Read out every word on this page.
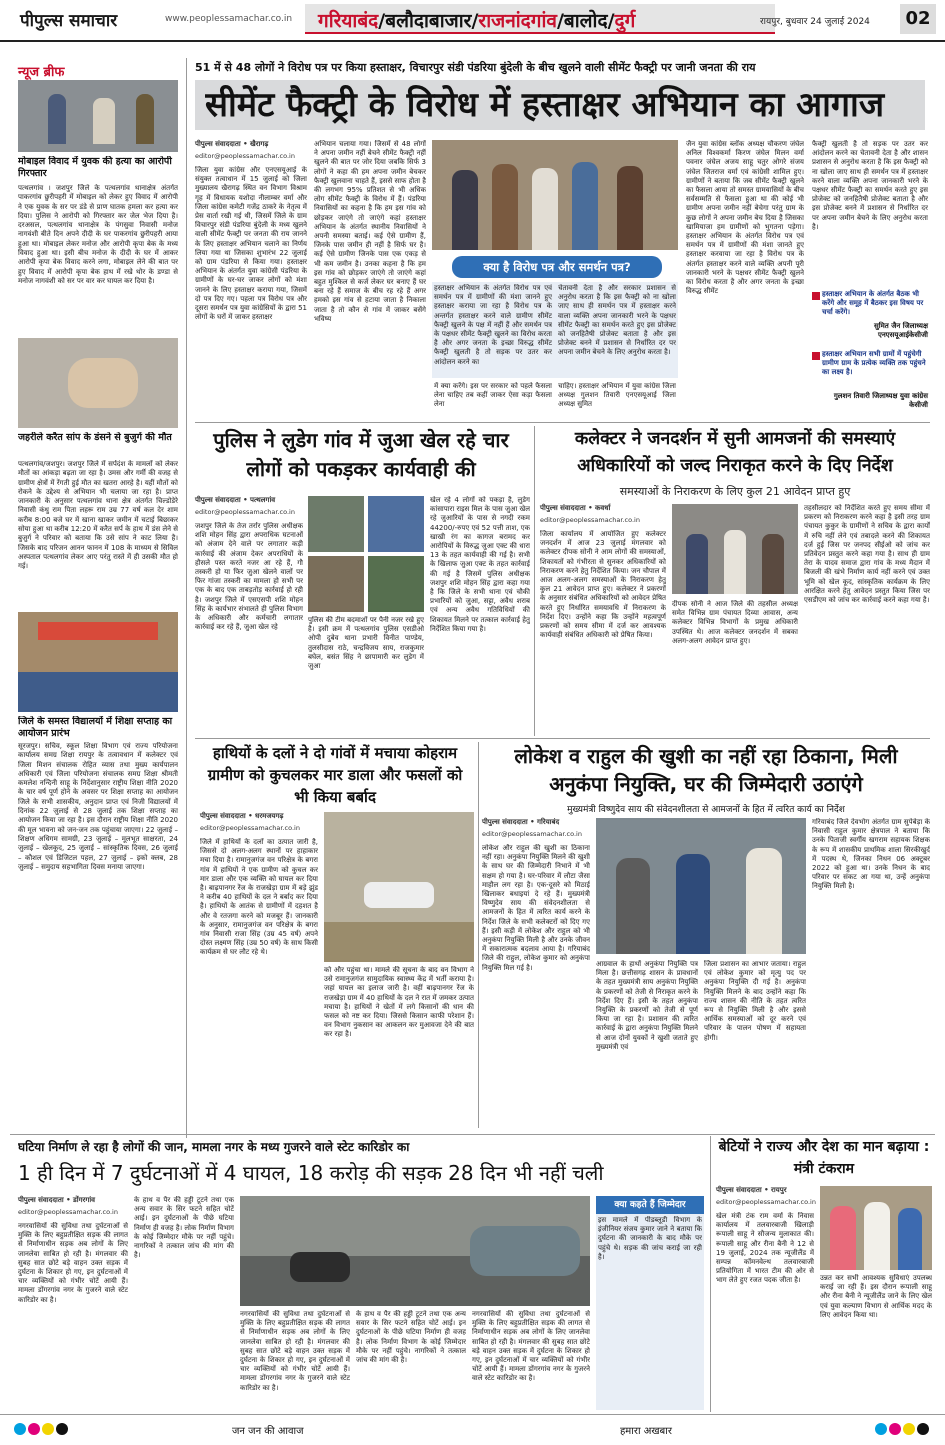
पीपुल्स समाचार	www.peoplessamachar.co.in गरियाबंद/बलौदाबाजार/राजनांदगांव/बालोद/दुर्ग	रायपुर, बुधवार 24 जुलाई 2024	02
न्यूज ब्रीफ
मोबाइल विवाद में युवक की हत्या का आरोपी गिरफ्तार
पत्थलगांव । जशपुर जिले के पत्थलगांव थानाक्षेत्र अंतर्गत पाकरगांव छुरीपहरी में मोबाइल को लेकर हुए विवाद में आरोपी ने एक युवक के सर पर डंडे से प्राण घातक हमला कर हत्या कर दिया। पुलिस ने आरोपी को गिरफ्तार कर जेल भेज दिया है। दरअसल, पत्थलगांव थानाक्षेत्र के पंगसुवा निवासी मनोज नागवंशी बीते दिन अपने दीदी के घर पाकरगांव छुरीपहरी आया हुआ था। मोबाइल लेकर मनोज और आरोपी कृपा बेक के मध्य विवाद हुआ था। इसी बीच मनोज के दीदी के घर में आकर आरोपी कृपा बेक विवाद करने लगा, मोबाइल लेने की बात पर हुए विवाद में आरोपी कृपा बेक हाथ में रखे थोर के डण्डा से मनोज नागवंशी को सर पर वार कर घायल कर दिया है।
जहरीले करैत सांप के डंसने से बुजुर्ग की मौत
पत्थलगांव/जशपुर। जशपुर जिले में सर्पदंश के मामलों को लेकर मौतों का आंकड़ा बढ़ता जा रहा है। उमस और गर्मी की वजह से ग्रामीण क्षेत्रों में रेंगती हुई मौत का खतरा आरहे है। यहीं मौतों को रोकने के उद्देश्य से अभियान भी चलाया जा रहा है। प्राप्त जानकारी के अनुसार पत्थलगांव थाना क्षेत्र अंतर्गत चिल्डोडेरे निवासी कंधु राम पिता लहरू राम उम्र 77 वर्ष कल देर शाम करीब 8:00 बजे घर में खाना खाकर जमीन में चटाई बिछाकर सोया हुआ था करीब 12:20 में करैत सर्प के हाथ में डंस लेने से बुजुर्ग ने परिवार को बताया कि उसे सांप ने काट लिया है। जिसके बाद परिजन आनन फानन में 108 के माध्यम से सिविल अस्पताल पत्थलगांव लेकर आए परंतु रास्ते में ही उसकी मौत हो गई।
जिले के समस्त विद्यालयों में शिक्षा सप्ताह का आयोजन प्रारंभ
सूरजपुर। सचिव, स्कूल शिक्षा विभाग एवं राज्य परियोजना कार्यालय समग्र शिक्षा रायपुर के तत्वावधान में कलेक्टर एवं जिला मिशन संचालक रोहित व्यास तथा मुख्य कार्यपालन अधिकारी एवं जिला परियोजना संचालक समग्र शिक्षा श्रीमती कमलेश नन्दिनी साहू के निर्देशानुसार राष्ट्रीय शिक्षा नीति 2020 के चार वर्ष पूर्ण होने के अवसर पर शिक्षा सप्ताह का आयोजन जिले के सभी शासकीय, अनुदान प्राप्त एवं निजी विद्यालयों में दिनांक 22 जुलाई से 28 जुलाई तक शिक्षा सप्ताह का आयोजन किया जा रहा है। इस दौरान राष्ट्रीय शिक्षा नीति 2020 की मूल भावना को जन-जन तक पहुंचाया जाएगा। 22 जुलाई – शिक्षण अधिगम सामग्री, 23 जुलाई – मूलभूत साक्षरता, 24 जुलाई – खेलकूद, 25 जुलाई – सांस्कृतिक दिवस, 26 जुलाई – कौशल एवं डिजिटल पहल, 27 जुलाई – इको क्लब, 28 जुलाई – समुदाय सहभागिता दिवस मनाया जाएगा।
51 में से 48 लोगों ने विरोध पत्र पर किया हस्ताक्षर, विचारपुर संडी पंडरिया बुंदेली के बीच खुलने वाली सीमेंट फैक्ट्री पर जानी जनता की राय
सीमेंट फैक्ट्री के विरोध में हस्ताक्षर अभियान का आगाज
पीपुल्स संवाददाता • खैरागढ़
editor@peoplessamachar.co.in
जिला युवा कांग्रेस और एनएसयूआई के संयुक्त तत्वाधान में 15 जुलाई को जिला मुख्यालय खैरागढ़ स्थित वन विभाग विश्राम गृह में विधायक यशोदा नीलाम्बर वर्मा और जिला कांग्रेस कमेटी गजेंद्र ठाकरे के नेतृत्व में प्रेस वार्ता रखी गई थी, जिसमें जिले के ग्राम विचारपुर संडी पंडरिया बुंदेली के मध्य खुलने वाली सीमेंट फैक्ट्री पर जनता की राय जानने के लिए हस्ताक्षर अभियान चलाने का निर्णय लिया गया था जिसका शुभारंभ 22 जुलाई को ग्राम पंडरिया से किया गया। हस्ताक्षर अभियान के अंतर्गत युवा कांग्रेसी पंडरिया के ग्रामीणों के घर-घर जाकर लोगों को मंशा जानने के लिए हस्ताक्षर कराया गया, जिसमें दो पत्र दिए गए। पहला पत्र विरोध पत्र और दूसरा समर्थन पत्र युवा कांग्रेसियों के द्वारा 51 लोगों के घरों में जाकर हस्ताक्षर
अभियान चलाया गया। जिसमें से 48 लोगों ने अपना जमीन नहीं बेचने सीमेंट फैक्ट्री नहीं खुलने की बात पर जोर दिया जबकि सिर्फ 3 लोगों ने कहा की हम अपना जमीन बेचकर फैक्ट्री खुलवाना चाहते हैं, इससे साफ होता है की लगभग 95% प्रतिशत से भी अधिक लोग सीमेंट फैक्ट्री के विरोध में हैं। पंडरिया निवासियों का कहना है कि हम इस गांव को छोड़कर जाएंगे तो जाएंगे कहां हस्ताक्षर अभियान के अंतर्गत स्थानीय निवासियों ने अपनी समस्या बताई। कई ऐसे ग्रामीण हैं, जिनके पास जमीन ही नहीं है सिर्फ घर है। कई ऐसे ग्रामीण जिनके पास एक एकड़ से भी कम जमीन है। उनका कहना है कि हम इस गांव को छोड़कर जाएंगे तो जाएंगे कहां बहुत मुश्किल से कर्ज लेकर घर बनाए हैं घर बना रहे हैं समाज के बीच रह रहे हैं अगर हमको इस गांव से हटाया जाता है निकाला जाता है तो कौन से गांव में जाकर बसेंगे भविष्य
क्या है विरोध पत्र और समर्थन पत्र?
हस्ताक्षर अभियान के अंतर्गत विरोध पत्र एवं समर्थन पत्र में ग्रामीणों की मंशा जानने हुए हस्ताक्षर कराया जा रहा है विरोध पत्र के अन्तर्गत हस्ताक्षर करने वाले ग्रामीण सीमेंट फैक्ट्री खुलने के पक्ष में नहीं हैं और समर्थन पत्र के पक्षधर सीमेंट फैक्ट्री खुलने का विरोध करता है और अगर जनता के इच्छा विरुद्ध सीमेंट फैक्ट्री खुलती है तो सड़क पर उतर कर आंदोलन करने का
चेतावनी देता है और सरकार प्रशासन से अनुरोध करता है कि इस फैक्ट्री को ना खोला जाए साथ ही समर्थन पत्र में हस्ताक्षर करने वाला व्यक्ति अपना जानकारी भरने के पक्षधर सीमेंट फैक्ट्री का समर्थन करते हुए इस प्रोजेक्ट को जनहितैषी प्रोजेक्ट बताता है और इस प्रोजेक्ट बनने में प्रशासन से निर्धारित दर पर अपना जमीन बेचने के लिए अनुरोध करता है।
में क्या करेंगे। इस पर सरकार को पहले फैसला लेना चाहिए तब कहीं जाकर ऐसा कड़ा फैसला लेना
चाहिए। हस्ताक्षर अभियान में युवा कांग्रेस जिला अध्यक्ष गुलशन तिवारी एनएसयूआई जिला अध्यक्ष सुमित
जैन युवा कांग्रेस ब्लॉक अध्यक्ष चौकरण जंघेल अनिल विश्वकर्मा किरण जंघेल मिलन वर्मा पवनार जंघेल अजय साहू चतुर ओगरे संजय जंघेल जितराज वर्मा एवं कांग्रेसी शामिल हुए। ग्रामीणों ने बताया कि जब सीमेंट फैक्ट्री खुलने का फैसला आया तो समस्त ग्रामवासियों के बीच सर्वसम्मति से फैसला हुआ था की कोई भी ग्रामीण अपना जमीन नहीं बेचेगा परंतु ग्राम के कुछ लोगों ने अपना जमीन बेच दिया है जिसका खामियाजा हम ग्रामीणों को भुगतना पड़ेगा। हस्ताक्षर अभियान के अंतर्गत विरोध पत्र एवं समर्थन पत्र में ग्रामीणों की मंशा जानते हुए हस्ताक्षर करवाया जा रहा है विरोध पत्र के अंतर्गत हस्ताक्षर करने वाले व्यक्ति अपनी पूरी जानकारी भरने के पक्षधर सीमेंट फैक्ट्री खुलने का विरोध करता है और अगर जनता के इच्छा विरुद्ध सीमेंट
फैक्ट्री खुलती है तो सड़क पर उतर कर आंदोलन करने का चेतावनी देता है और शासन प्रशासन से अनुरोध करता है कि इस फैक्ट्री को ना खोला जाए साथ ही समर्थन पत्र में हस्ताक्षर करने वाला व्यक्ति अपना जानकारी भरने के पक्षधर सीमेंट फैक्ट्री का समर्थन करते हुए इस प्रोजेक्ट को जनहितैषी प्रोजेक्ट बताता है और इस प्रोजेक्ट बनने में प्रशासन से निर्धारित दर पर अपना जमीन बेचने के लिए अनुरोध करता है।
हस्ताक्षर अभियान के अंतर्गत बैठक भी करेंगे और समूह में बैठकर इस विषय पर चर्चा करेंगे।
सुमित जैन जिलाध्यक्ष एनएसयूआईकेसीजी
हस्ताक्षर अभियान सभी ग्रामों में पहुंचेगी ग्रामीण ग्राम के प्रत्येक व्यक्ति तक पहुंचने का लक्ष्य है।
गुलशन तिवारी जिलाध्यक्ष युवा कांग्रेस केसीजी
पुलिस ने लुडेग गांव में जुआ खेल रहे चार लोगों को पकड़कर कार्यवाही की
पीपुल्स संवाददाता • पत्थलगांव
editor@peoplessamachar.co.in
जशपुर जिले के तेज तर्रार पुलिस अधीक्षक शशि मोहन सिंह द्वारा अपराधिक घटनाओं को अंजाम देने वाले पर लगातार कड़ी कार्रवाई की अंजाम देकर अपराधियों के हौसले पस्त करते नजर आ रहे हैं, गौ तस्करी हो या फिर जुआ खेलने वालों पर फिर गांजा तस्करी का मामला हो सभी पर एक के बाद एक ताबड़तोड़ कार्रवाई हो रही है। जशपुर जिले में एसएसपी शशि मोहन सिंह के कार्यभार संभालते ही पुलिस विभाग के अधिकारी और कर्मचारी लगातार कार्रवाई कर रहे हैं, जुआ खेल रहे
पुलिस की टीम बदमाशों पर पैनी नजर रखे हुए है। इसी क्रम में पत्थलगांव पुलिस एसडीओ ओपी दुबेव थाना प्रभारी विनीत पाण्डेय, तुलसीदास राठे, चन्द्रविजय साय, राजकुमार बघेल, बसंत सिंह ने छापामारी कर लुडेग में जुआ
खेल रहे 4 लोगों को पकड़ा है, लुडेग कांसापारा राइस मिल के पास जुआ खेल रहे जुआरियों के पास से नगदी रकम 44200/-रुपए एवं 52 पत्ती ताश, एक खाखी रंग का कागज बरामद कर आरोपियों के विरुद्ध जुआ एक्ट की धारा 13 के तहत कार्यवाही की गई है। सभी के खिलाफ जुआ एक्ट के तहत कार्रवाई की गई है जिसमें पुलिस अधीक्षक जशपुर शशि मोहन सिंह द्वारा कहा गया है कि जिले के सभी थाना एवं चौकी प्रभारियों को जुआ, सट्टा, अवैध शराब एवं अन्य अवैध गतिविधियों की शिकायत मिलने पर तत्काल कार्रवाई हेतु निर्देशित किया गया है।
कलेक्टर ने जनदर्शन में सुनी आमजनों की समस्याएं अधिकारियों को जल्द निराकृत करने के दिए निर्देश
समस्याओं के निराकरण के लिए कुल 21 आवेदन प्राप्त हुए
पीपुल्स संवाददाता • कवर्धा
editor@peoplessamachar.co.in
जिला कार्यालय में आयोजित हुए कलेक्टर जनदर्शन में आज 23 जुलाई मंगलवार को कलेक्टर दीपक सोनी ने आम लोगों की समस्याओं, शिकायतों को गंभीरता से सुनकर अधिकारियों को निराकरण करने हेतु निर्देशित किया। जन चौपाल में आज अलग-अलग समस्याओं के निराकरण हेतु कुल 21 आवेदन प्राप्त हुए। कलेक्टर ने प्रकरणों के अनुसार संबंधित अधिकारियों को आवेदन प्रेषित करते हुए निर्धारित समयावधि में निराकरण के निर्देश दिए। उन्होंने कहा कि उन्होंने महत्वपूर्ण प्रकरणों को समय सीमा में दर्ज कर आवश्यक कार्यवाही संबंधित अधिकारी को प्रेषित किया।
दीपक सोनी ने आज जिले की तहसील अध्यक्ष समेत विभिन्न ग्राम पंचायत दिव्या आवास, अन्य कलेक्टर विभिन्न विभागों के प्रमुख अधिकारी उपस्थित थे। आज कलेक्टर जनदर्शन में सबका अलग-अलग आवेदन प्राप्त हुए।
तहसीलदार को निर्देशित करते हुए समय सीमा में प्रकरण को निराकरण करने कहा है इसी तरह ग्राम पंचायत कुकुर के ग्रामीणों ने सचिव के द्वारा कार्यों में रुचि नहीं लेने एवं तबादले करने की शिकायत दर्ज हुई जिस पर जनपद सीईओ को जांच कर प्रतिवेदन प्रस्तुत करने कहा गया है। साथ ही ग्राम तेरा के यादव समाज द्वारा गांव के मध्य मैदान में बिजली की खंभे निर्माण कार्य नहीं करने एवं उक्त भूमि को खेल कूद, सांस्कृतिक कार्यक्रम के लिए आरक्षित करने हेतु आवेदन प्रस्तुत किया जिस पर एसडीएम को जांच कर कार्रवाई करने कहा गया है।
हाथियों के दलों ने दो गांवों में मचाया कोहराम ग्रामीण को कुचलकर मार डाला और फसलों को भी किया बर्बाद
पीपुल्स संवाददाता • धरमजयगढ़
editor@peoplessamachar.co.in
जिले में हाथियों के दलों का उत्पात जारी है, जिससे दो अलग-अलग स्थानों पर हाहाकार मचा दिया है। रामानुजगंज वन परिक्षेत्र के बगरा गांव में हाथियों ने एक ग्रामीण को कुचल कर मार डाला और एक व्यक्ति को घायल कर दिया है। बाढ़पानगर रेंज के राजखेड़ा ग्राम में बड़े झुंड ने करीब 40 हाथियों के दल ने बर्बाद कर दिया है। हाथियों के आतंक से ग्रामीणों में दहशत है और वे रतजगा करने को मजबूर हैं। जानकारी के अनुसार, रामानुजगंज वन परिक्षेत्र के बगरा गांव निवासी राजा सिंह (उम्र 45 वर्ष) अपने दोस्त लक्ष्मण सिंह (उम्र 50 वर्ष) के साथ किसी कार्यक्रम से घर लौट रहे थे।
को और पहुंचा था। मामले की सूचना के बाद वन विभाग ने उसे रामानुजगंज सामुदायिक स्वास्थ्य केंद्र में भर्ती कराया है। जहां घायल का इलाज जारी है। वहीं बाढ़पानगर रेंज के राजखेड़ा ग्राम में 40 हाथियों के दल ने रात में जमकर उत्पात मचाया है। हाथियों ने खेतों में लगे किसानों की धान की फसल को नष्ट कर दिया। जिससे किसान काफी परेशान हैं। वन विभाग नुकसान का आकलन कर मुआवजा देने की बात कर रहा है।
लोकेश व राहुल की खुशी का नहीं रहा ठिकाना, मिली अनुकंपा नियुक्ति, घर की जिम्मेदारी उठाएंगे
मुख्यमंत्री विष्णुदेव साय की संवेदनशीलता से आमजनों के हित में त्वरित कार्य का निर्देश
पीपुल्स संवाददाता • गरियाबंद
editor@peoplessamachar.co.in
लोकेश और राहुल की खुशी का ठिकाना नहीं रहा। अनुकंपा नियुक्ति मिलने की खुशी के साथ घर की जिम्मेदारी निभाने में भी सक्षम हो गया है। घर-परिवार में लौटा जैसा माहौल लग रहा है। एक-दूसरे को मिठाई खिलाकर बधाइयां दे रहे हैं। मुख्यमंत्री विष्णुदेव साय की संवेदनशीलता से आमजनों के हित में त्वरित कार्य करने के निर्देश जिले के सभी कलेक्टरों को दिए गए हैं। इसी कड़ी में लोकेश और राहुल को भी अनुकंपा नियुक्ति मिली है और उनके जीवन में सकारात्मक बदलाव आया है। गरियाबंद जिले की राहुल, लोकेश कुमार को अनुकंपा नियुक्ति मिल गई है।	आग्रवाल के हाथों अनुकंपा नियुक्ति पत्र मिला है। छत्तीसगढ़ शासन के प्रावधानों के तहत मुख्यमंत्री साय अनुकंपा नियुक्ति के प्रकरणों को तेजी से निराकृत करने के निर्देश दिए हैं। इसी के तहत अनुकंपा नियुक्ति के प्रकरणों को तेजी से पूर्ण किया जा रहा है। प्रशासन की त्वरित कार्रवाई के द्वारा अनुकंपा नियुक्ति मिलने से आज दोनों युवकों ने खुशी जताते हुए मुख्यमंत्री एवं
जिला प्रशासन का आभार जताया। राहुल एवं लोकेश कुमार को मृत्यु पद पर अनुकंपा नियुक्ति दी गई है। अनुकंपा नियुक्ति मिलने के बाद उन्होंने कहा कि राज्य शासन की नीति के तहत त्वरित रूप से नियुक्ति मिली है और इससे आर्थिक समस्याओं को दूर करने एवं परिवार के पालन पोषण में सहायता होगी।
गरियाबंद जिले देवभोग अंतर्गत ग्राम सुपेबेड़ा के निवासी राहुल कुमार क्षेत्रपाल ने बताया कि उनके पिताजी स्वर्गीय खगराम सहायक शिक्षक के रूप में शासकीय प्राथमिक शाला सिरकीखुर्द में पदस्थ थे, जिनका निधन 06 अक्टूबर 2022 को हुआ था। उनके निधन के बाद परिवार पर संकट आ गया था, उन्हें अनुकंपा नियुक्ति मिली है।
घटिया निर्माण ले रहा है लोगों की जान, मामला नगर के मध्य गुजरने वाले स्टेट कारिडोर का
1 ही दिन में 7 दुर्घटनाओं में 4 घायल, 18 करोड़ की सड़क 28 दिन भी नहीं चली
पीपुल्स संवाददाता • डोंगरगांव
editor@peoplessamachar.co.in
नगरवासियों की सुविधा तथा दुर्घटनाओं से मुक्ति के लिए बहुप्रतीक्षित सड़क की लागत से निर्माणाधीन सड़क अब लोगों के लिए जानलेवा साबित हो रही है। मंगलवार की सुबह सात छोटे बड़े वाहन उक्त सड़क में दुर्घटना के शिकार हो गए, इन दुर्घटनाओं में चार व्यक्तियों को गंभीर चोटें आयी हैं। मामला डोंगरगांव नगर के गुजरने वाले स्टेट कारिडोर का है।
के हाथ व पैर की हड्डी टूटने तथा एक अन्य सवार के सिर फटने सहित चोटें आई। इन दुर्घटनाओं के पीछे घटिया निर्माण ही वजह है। लोक निर्माण विभाग के कोई जिम्मेदार मौके पर नहीं पहुंचे। नागरिकों ने तत्काल जांच की मांग की है।
नगरवासियों की सुविधा तथा दुर्घटनाओं से मुक्ति के लिए बहुप्रतीक्षित सड़क की लागत से निर्माणाधीन सड़क अब लोगों के लिए जानलेवा साबित हो रही है। मंगलवार की सुबह सात छोटे बड़े वाहन उक्त सड़क में दुर्घटना के शिकार हो गए, इन दुर्घटनाओं में चार व्यक्तियों को गंभीर चोटें आयी हैं। मामला डोंगरगांव नगर के गुजरने वाले स्टेट कारिडोर का है।
के हाथ व पैर की हड्डी टूटने तथा एक अन्य सवार के सिर फटने सहित चोटें आई। इन दुर्घटनाओं के पीछे घटिया निर्माण ही वजह है। लोक निर्माण विभाग के कोई जिम्मेदार मौके पर नहीं पहुंचे। नागरिकों ने तत्काल जांच की मांग की है।
नगरवासियों की सुविधा तथा दुर्घटनाओं से मुक्ति के लिए बहुप्रतीक्षित सड़क की लागत से निर्माणाधीन सड़क अब लोगों के लिए जानलेवा साबित हो रही है। मंगलवार की सुबह सात छोटे बड़े वाहन उक्त सड़क में दुर्घटना के शिकार हो गए, इन दुर्घटनाओं में चार व्यक्तियों को गंभीर चोटें आयी हैं। मामला डोंगरगांव नगर के गुजरने वाले स्टेट कारिडोर का है।
क्या कहते हैं जिम्मेदार
इस मामले में पीडब्लूडी विभाग के इंजीनियर संजय कुमार जाने ने बताया कि दुर्घटना की जानकारी के बाद मौके पर पहुंचे थे। सड़क की जांच कराई जा रही है।
बेटियों ने राज्य और देश का मान बढ़ाया : मंत्री टंकराम
पीपुल्स संवाददाता • रायपुर
editor@peoplessamachar.co.in
खेल मंत्री टंक राम वर्मा के निवास कार्यालय में तलवारबाजी खिलाड़ी रूपाली साहू ने सौजन्य मुलाकात की। रूपाली साहू और रीना बैनी ने 12 से 19 जुलाई, 2024 तक न्यूजीलैंड में सम्पन्न कॉमनवेल्थ तलवारबाजी प्रतियोगिता में भारत टीम की ओर से भाग लेते हुए रजत पदक जीता है।	उन्नत कर सभी आवश्यक सुविधाएं उपलब्ध कराई जा रही हैं। इस दौरान रूपाली साहू और रीना बैनी ने न्यूजीलैंड जाने के लिए खेल एवं युवा कल्याण विभाग से आर्थिक मदद के लिए आवेदन किया था।
जन जन की आवाज	हमारा अखबार
